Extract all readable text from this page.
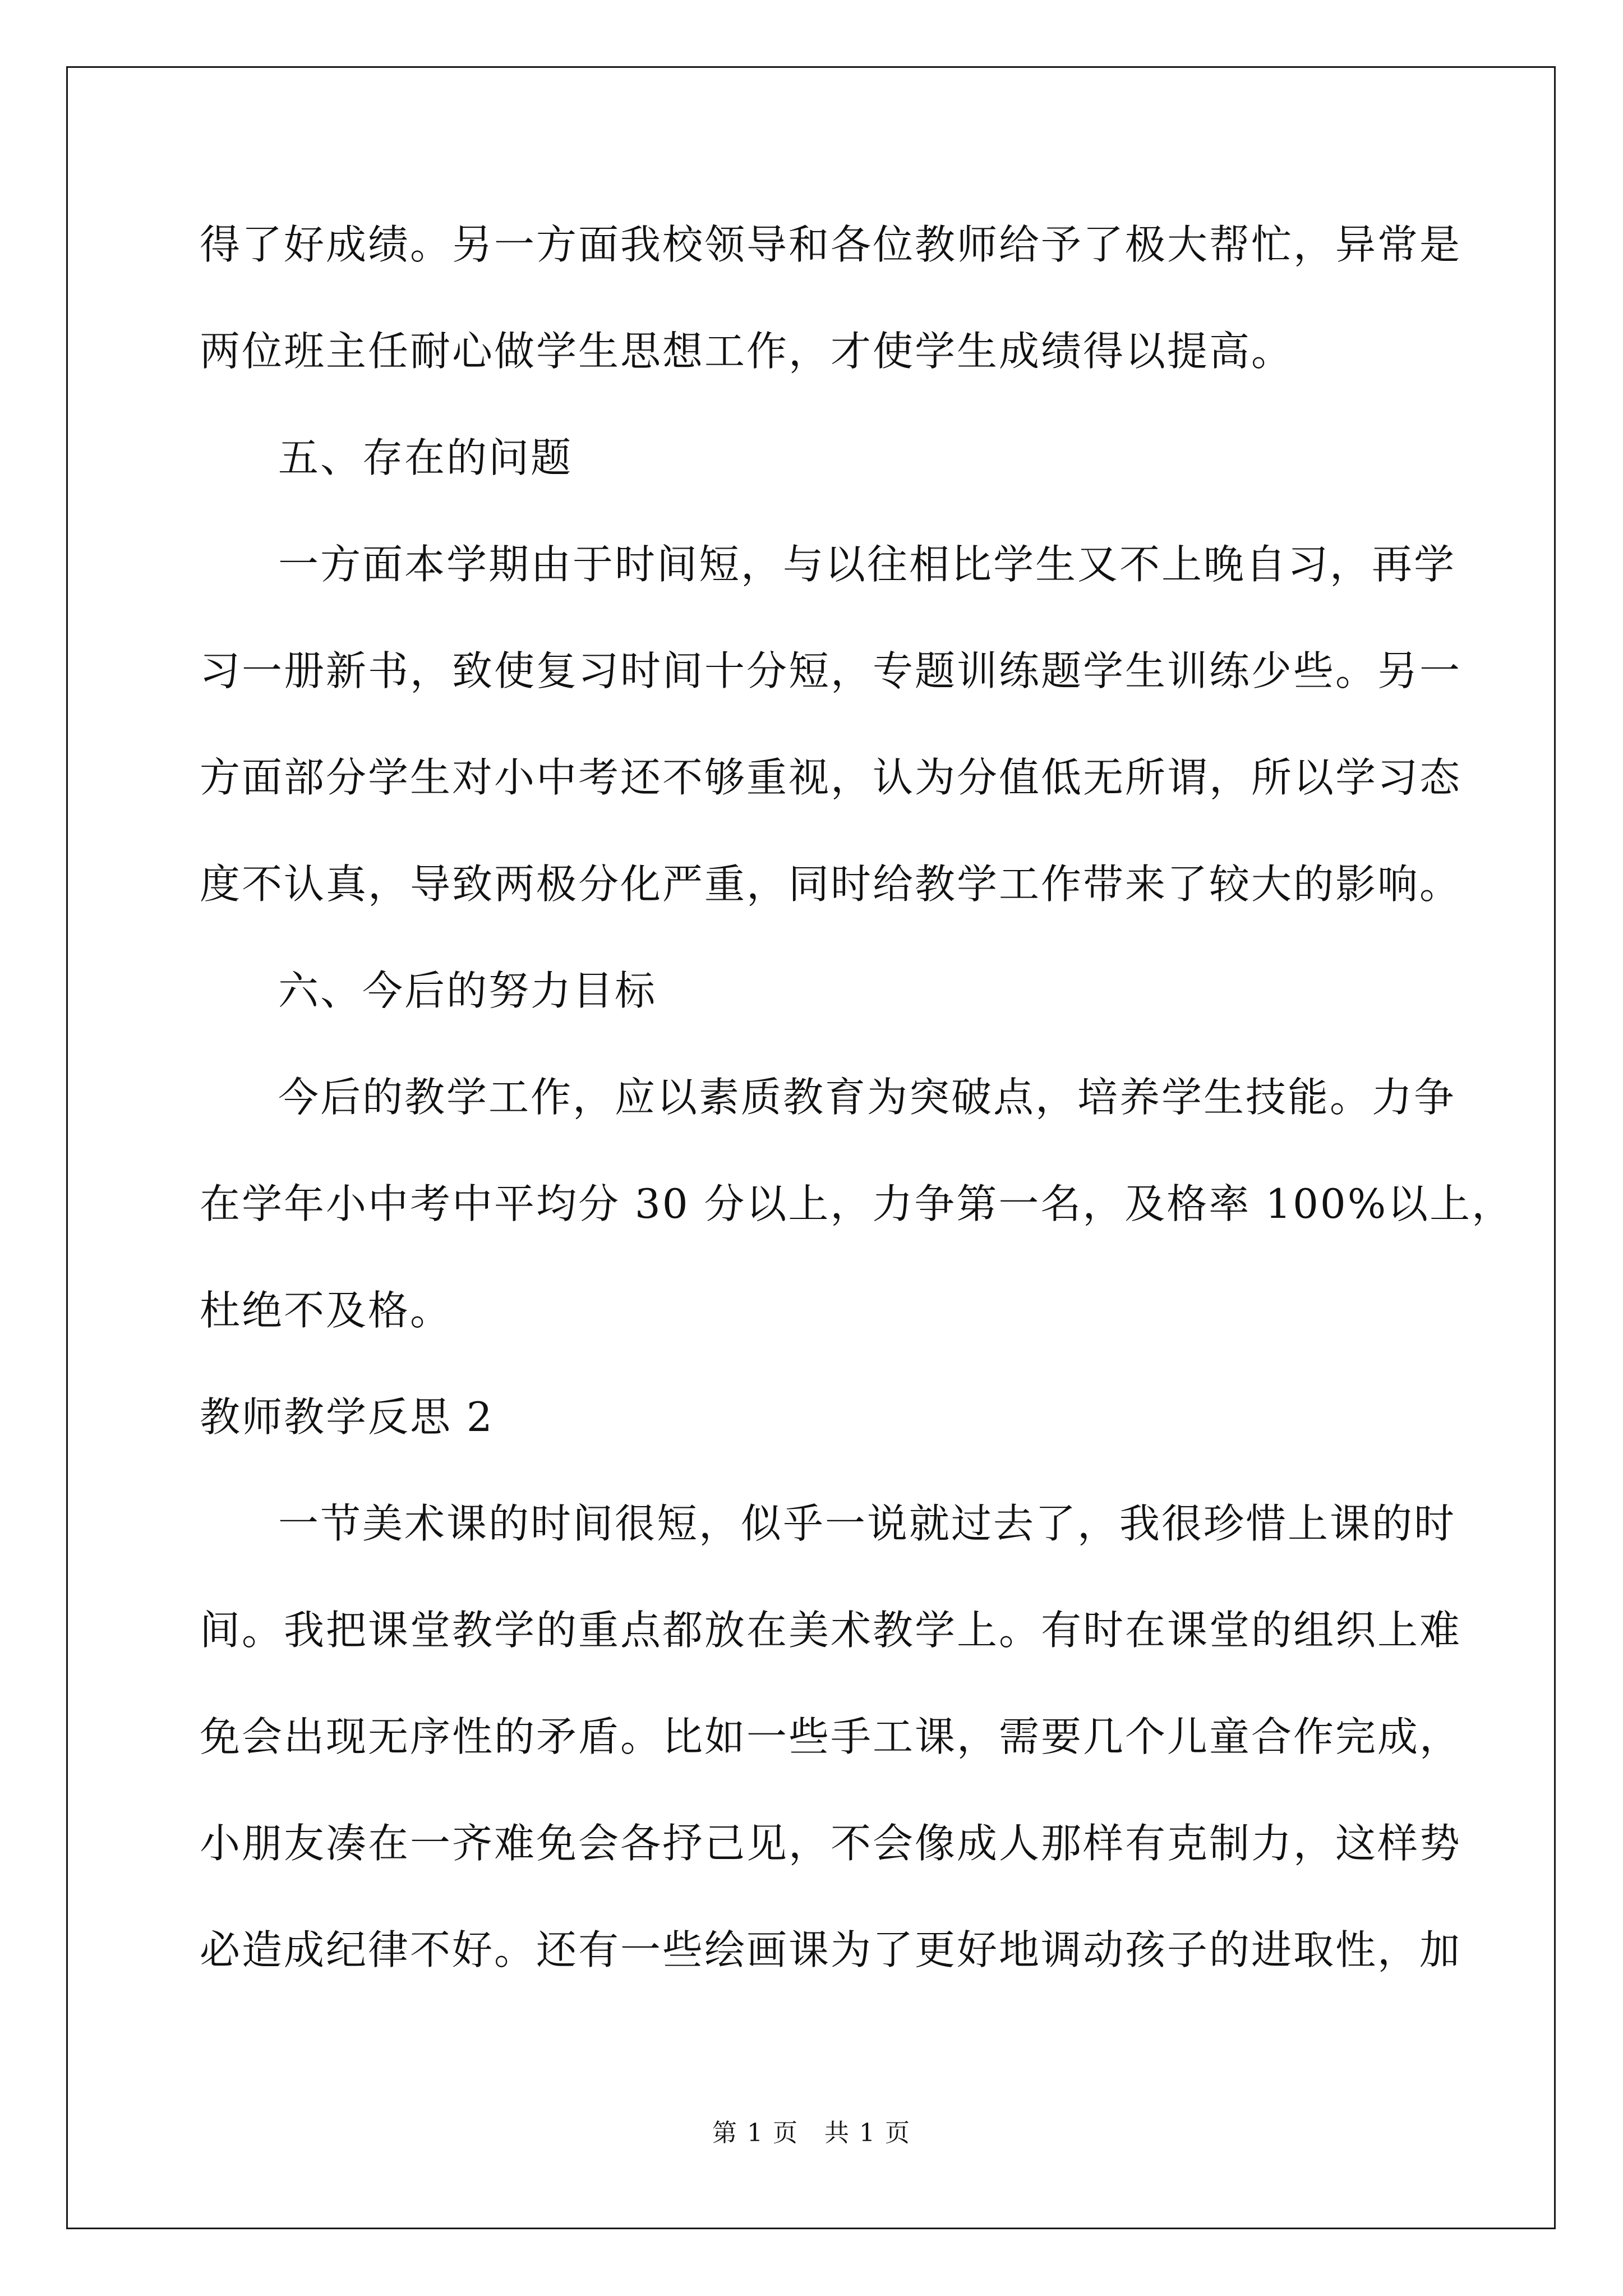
得了好成绩。另一方面我校领导和各位教师给予了极大帮忙，异常是
两位班主任耐心做学生思想工作，才使学生成绩得以提高。
五、存在的问题
一方面本学期由于时间短，与以往相比学生又不上晚自习，再学
习一册新书，致使复习时间十分短，专题训练题学生训练少些。另一
方面部分学生对小中考还不够重视，认为分值低无所谓，所以学习态
度不认真，导致两极分化严重，同时给教学工作带来了较大的影响。
六、今后的努力目标
今后的教学工作，应以素质教育为突破点，培养学生技能。力争
在学年小中考中平均分 30 分以上，力争第一名，及格率 100%以上，
杜绝不及格。
教师教学反思 2
一节美术课的时间很短，似乎一说就过去了，我很珍惜上课的时
间。我把课堂教学的重点都放在美术教学上。有时在课堂的组织上难
免会出现无序性的矛盾。比如一些手工课，需要几个儿童合作完成，
小朋友凑在一齐难免会各抒己见，不会像成人那样有克制力，这样势
必造成纪律不好。还有一些绘画课为了更好地调动孩子的进取性，加
第 1 页　共 1 页
